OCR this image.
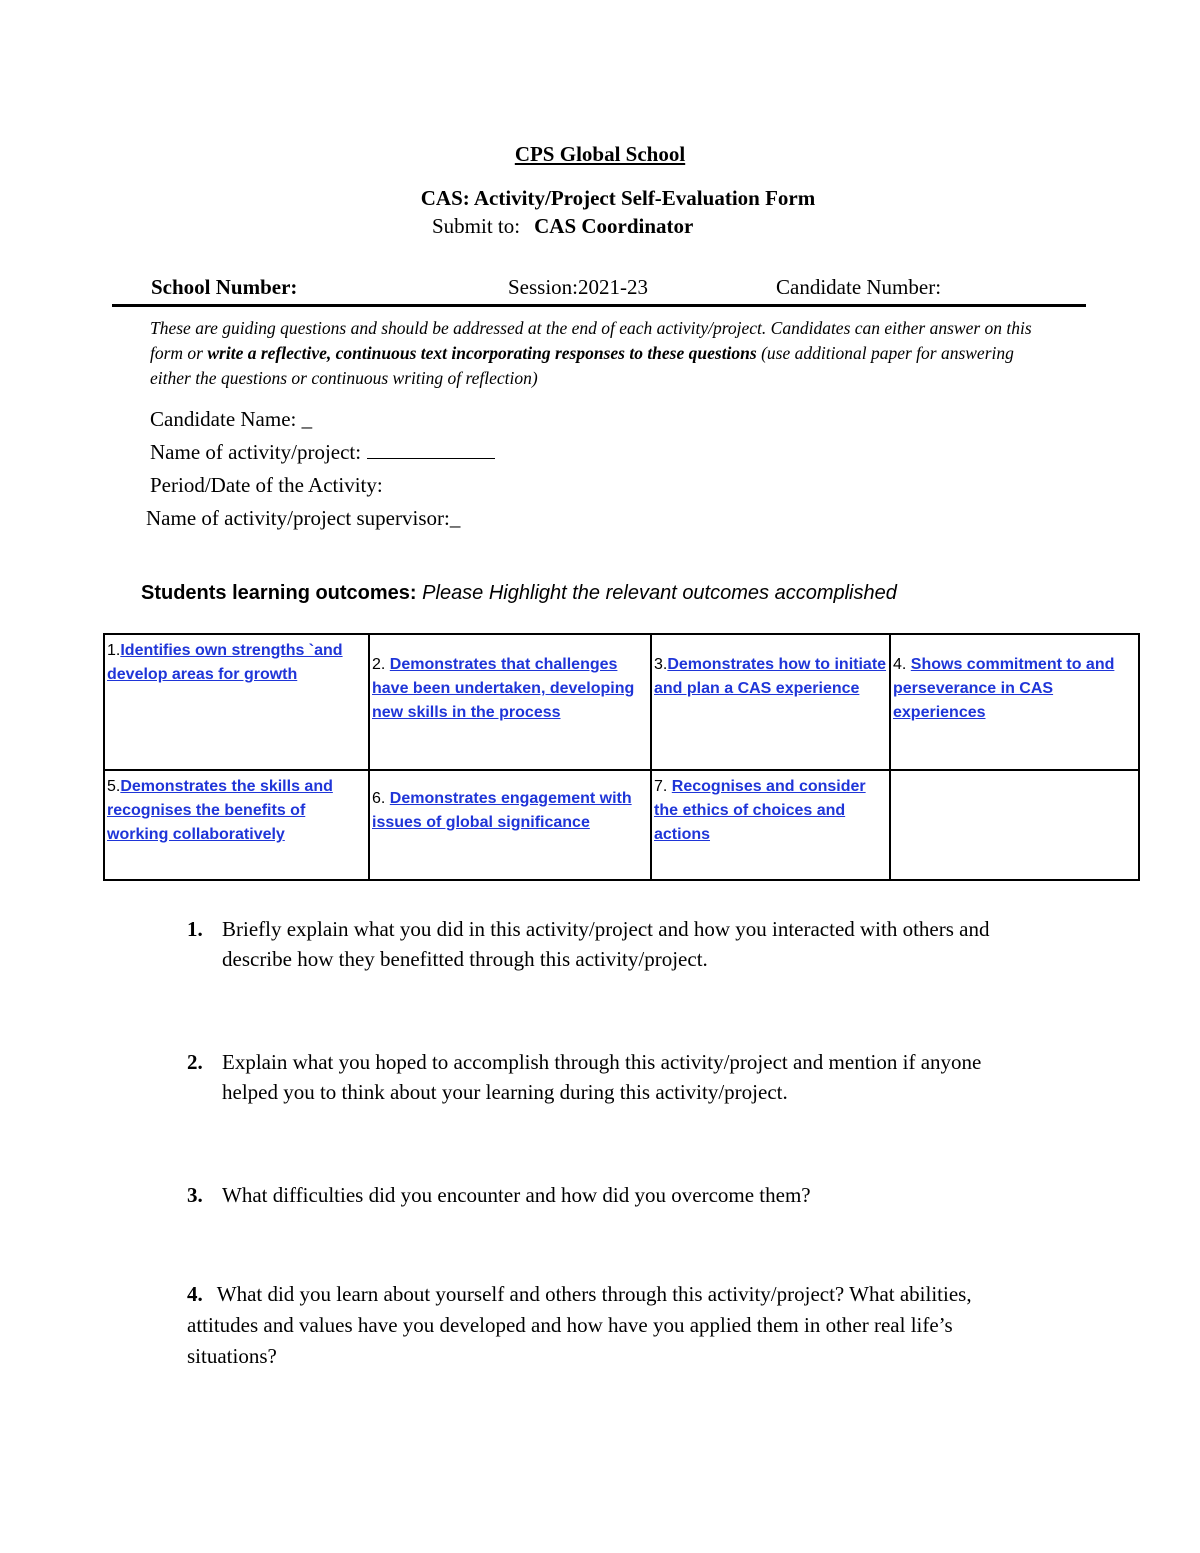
CPS Global School
CAS: Activity/Project Self-Evaluation Form
Submit to: CAS Coordinator
School Number:	Session:2021-23	Candidate Number:
These are guiding questions and should be addressed at the end of each activity/project. Candidates can either answer on this form or write a reflective, continuous text incorporating responses to these questions (use additional paper for answering either the questions or continuous writing of reflection)
Candidate Name: _
Name of activity/project:
Period/Date of the Activity:
Name of activity/project supervisor:_
Students learning outcomes: Please Highlight the relevant outcomes accomplished
1.Identifies own strengths `and develop areas for growth	2. Demonstrates that challenges have been undertaken, developing new skills in the process	3.Demonstrates how to initiate and plan a CAS experience	4. Shows commitment to and perseverance in CAS experiences
5.Demonstrates the skills and recognises the benefits of working collaboratively	6. Demonstrates engagement with issues of global significance	7. Recognises and consider the ethics of choices and actions	
1. Briefly explain what you did in this activity/project and how you interacted with others and describe how they benefitted through this activity/project.
2. Explain what you hoped to accomplish through this activity/project and mention if anyone helped you to think about your learning during this activity/project.
3. What difficulties did you encounter and how did you overcome them?
4. What did you learn about yourself and others through this activity/project? What abilities, attitudes and values have you developed and how have you applied them in other real life’s situations?
